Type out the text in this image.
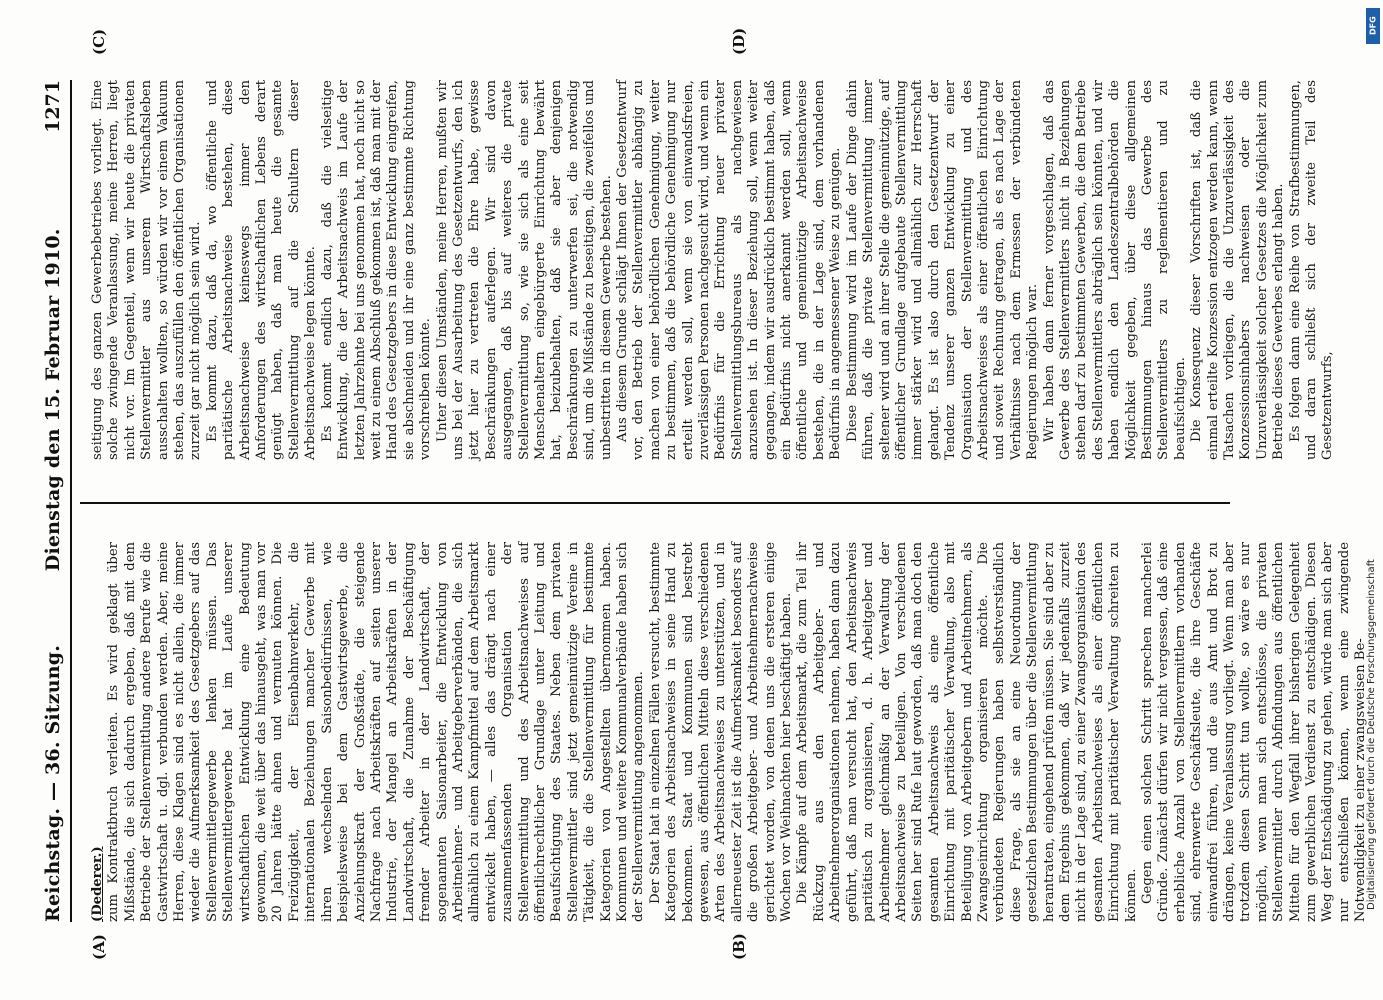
Reichstag. — 36. Sitzung.  Dienstag den 15. Februar 1910.
1271
(A)	(B)
(C)	(D)

(Dederer.) zum Kontraktbruch verleiten. Es wird geklagt über Mißstände, die sich dadurch ergeben, daß mit dem Betriebe der Stellenvermittlung andere Berufe wie die Gastwirtschaft u. dgl. verbunden werden. Aber, meine Herren, diese Klagen sind es nicht allein, die immer wieder die Aufmerksamkeit des Gesetzgebers auf das Stellenvermittlergewerbe lenken müssen. Das Stellenvermittlergewerbe hat im Laufe unserer wirtschaftlichen Entwicklung eine Bedeutung gewonnen, die weit über das hinausgeht, was man vor 20 Jahren hätte ahnen und vermuten können. Die Freizügigkeit, der Eisenbahnverkehr, die internationalen Beziehungen mancher Gewerbe mit ihren wechselnden Saisonbedürfnissen, wie beispielsweise bei dem Gastwirtsgewerbe, die Anziehungskraft der Großstädte, die steigende Nachfrage nach Arbeitskräften auf seiten unserer Industrie, der Mangel an Arbeitskräften in der Landwirtschaft, die Zunahme der Beschäftigung fremder Arbeiter in der Landwirtschaft, der sogenannten Saisonarbeiter, die Entwicklung von Arbeitnehmer- und Arbeitgeberverbänden, die sich allmählich zu einem Kampfmittel auf dem Arbeitsmarkt entwickelt haben, — alles das drängt nach einer zusammenfassenden Organisation der Stellenvermittlung und des Arbeitsnachweises auf öffentlichrechtlicher Grundlage unter Leitung und Beaufsichtigung des Staates. Neben dem privaten Stellenvermittler sind jetzt gemeinnützige Vereine in Tätigkeit, die die Stellenvermittlung für bestimmte Kategorien von Angestellten übernommen haben. Kommunen und weitere Kommunalverbände haben sich der Stellenvermittlung angenommen. Der Staat hat in einzelnen Fällen versucht, bestimmte Kategorien des Arbeitsnachweises in seine Hand zu bekommen. Staat und Kommunen sind bestrebt gewesen, aus öffentlichen Mitteln diese verschiedenen Arten des Arbeitsnachweises zu unterstützen, und in allerneuester Zeit ist die Aufmerksamkeit besonders auf die großen Arbeitgeber- und Arbeitnehmernachweise gerichtet worden, von denen uns die ersteren einige Wochen vor Weihnachten hier beschäftigt haben. Die Kämpfe auf dem Arbeitsmarkt, die zum Teil ihr Rückzug aus den Arbeitgeber- und Arbeitnehmerorganisationen nehmen, haben dann dazu geführt, daß man versucht hat, den Arbeitsnachweis paritätisch zu organisieren, d. h. Arbeitgeber und Arbeitnehmer gleichmäßig an der Verwaltung der Arbeitsnachweise zu beteiligen. Von verschiedenen Seiten her sind Rufe laut geworden, daß man doch den gesamten Arbeitsnachweis als eine öffentliche Einrichtung mit paritätischer Verwaltung, also mit Beteiligung von Arbeitgebern und Arbeitnehmern, als Zwangseinrichtung organisieren möchte. Die verbündeten Regierungen haben selbstverständlich diese Frage, als sie an eine Neuordnung der gesetzlichen Bestimmungen über die Stellenvermittlung herantraten, eingehend prüfen müssen. Sie sind aber zu dem Ergebnis gekommen, daß wir jedenfalls zurzeit nicht in der Lage sind, zu einer Zwangsorganisation des gesamten Arbeitsnachweises als einer öffentlichen Einrichtung mit paritätischer Verwaltung schreiten zu können. Gegen einen solchen Schritt sprechen mancherlei Gründe. Zunächst dürfen wir nicht vergessen, daß eine erhebliche Anzahl von Stellenvermittlern vorhanden sind, ehrenwerte Geschäftsleute, die ihre Geschäfte einwandfrei führen, und die aus Amt und Brot zu drängen, keine Veranlassung vorliegt. Wenn man aber trotzdem diesen Schritt tun wollte, so wäre es nur möglich, wenn man sich entschlösse, die privaten Stellenvermittler durch Abfindungen aus öffentlichen Mitteln für den Wegfall ihrer bisherigen Gelegenheit zum gewerblichen Verdienst zu entschädigen. Diesen Weg der Entschädigung zu gehen, würde man sich aber nur entschließen können, wenn eine zwingende Notwendigkeit zu einer zwangsweisen Be-

seitigung des ganzen Gewerbebetriebes vorliegt. Eine solche zwingende Veranlassung, meine Herren, liegt nicht vor. Im Gegenteil, wenn wir heute die privaten Stellenvermittler aus unserem Wirtschaftsleben ausschalten wollten, so würden wir vor einem Vakuum stehen, das auszufüllen den öffentlichen Organisationen zurzeit gar nicht möglich sein wird. Es kommt dazu, daß da, wo öffentliche und paritätische Arbeitsnachweise bestehen, diese Arbeitsnachweise keineswegs immer den Anforderungen des wirtschaftlichen Lebens derart genügt haben, daß man heute die gesamte Stellenvermittlung auf die Schultern dieser Arbeitsnachweise legen könnte. Es kommt endlich dazu, daß die vielseitige Entwicklung, die der Arbeitsnachweis im Laufe der letzten Jahrzehnte bei uns genommen hat, noch nicht so weit zu einem Abschluß gekommen ist, daß man mit der Hand des Gesetzgebers in diese Entwicklung eingreifen, sie abschneiden und ihr eine ganz bestimmte Richtung vorschreiben könnte. Unter diesen Umständen, meine Herren, mußten wir uns bei der Ausarbeitung des Gesetzentwurfs, den ich jetzt hier zu vertreten die Ehre habe, gewisse Beschränkungen auferlegen. Wir sind davon ausgegangen, daß bis auf weiteres die private Stellenvermittlung so, wie sie sich als eine seit Menschenaltern eingebürgerte Einrichtung bewährt hat, beizubehalten, daß sie aber denjenigen Beschränkungen zu unterwerfen sei, die notwendig sind, um die Mißstände zu beseitigen, die zweifellos und unbestritten in diesem Gewerbe bestehen. Aus diesem Grunde schlägt Ihnen der Gesetzentwurf vor, den Betrieb der Stellenvermittler abhängig zu machen von einer behördlichen Genehmigung, weiter zu bestimmen, daß die behördliche Genehmigung nur erteilt werden soll, wenn sie von einwandsfreien, zuverlässigen Personen nachgesucht wird, und wenn ein Bedürfnis für die Errichtung neuer privater Stellenvermittlungsbureaus als nachgewiesen anzusehen ist. In dieser Beziehung soll, wenn weiter gegangen, indem wir ausdrücklich bestimmt haben, daß ein Bedürfnis nicht anerkannt werden soll, wenn öffentliche und gemeinnützige Arbeitsnachweise bestehen, die in der Lage sind, dem vorhandenen Bedürfnis in angemessener Weise zu genügen. Diese Bestimmung wird im Laufe der Dinge dahin führen, daß die private Stellenvermittlung immer seltener wird und an ihrer Stelle die gemeinnützige, auf öffentlicher Grundlage aufgebaute Stellenvermittlung immer stärker wird und allmählich zur Herrschaft gelangt. Es ist also durch den Gesetzentwurf der Tendenz unserer ganzen Entwicklung zu einer Organisation der Stellenvermittlung und des Arbeitsnachweises als einer öffentlichen Einrichtung und soweit Rechnung getragen, als es nach Lage der Verhältnisse nach dem Ermessen der verbündeten Regierungen möglich war. Wir haben dann ferner vorgeschlagen, daß das Gewerbe des Stellenvermittlers nicht in Beziehungen stehen darf zu bestimmten Gewerben, die dem Betriebe des Stellenvermittlers abträglich sein könnten, und wir haben endlich den Landeszentralbehörden die Möglichkeit gegeben, über diese allgemeinen Bestimmungen hinaus das Gewerbe des Stellenvermittlers zu reglementieren und zu beaufsichtigen. Die Konsequenz dieser Vorschriften ist, daß die einmal erteilte Konzession entzogen werden kann, wenn Tatsachen vorliegen, die die Unzuverlässigkeit des Konzessionsinhabers nachweisen oder die Unzuverlässigkeit solcher Gesetzes die Möglichkeit zum Betriebe dieses Gewerbes erlangt haben. Es folgen dann eine Reihe von Strafbestimmungen, und daran schließt sich der zweite Teil des Gesetzentwurfs,

DFG
Digitalisierung gefördert durch die Deutsche Forschungsgemeinschaft
